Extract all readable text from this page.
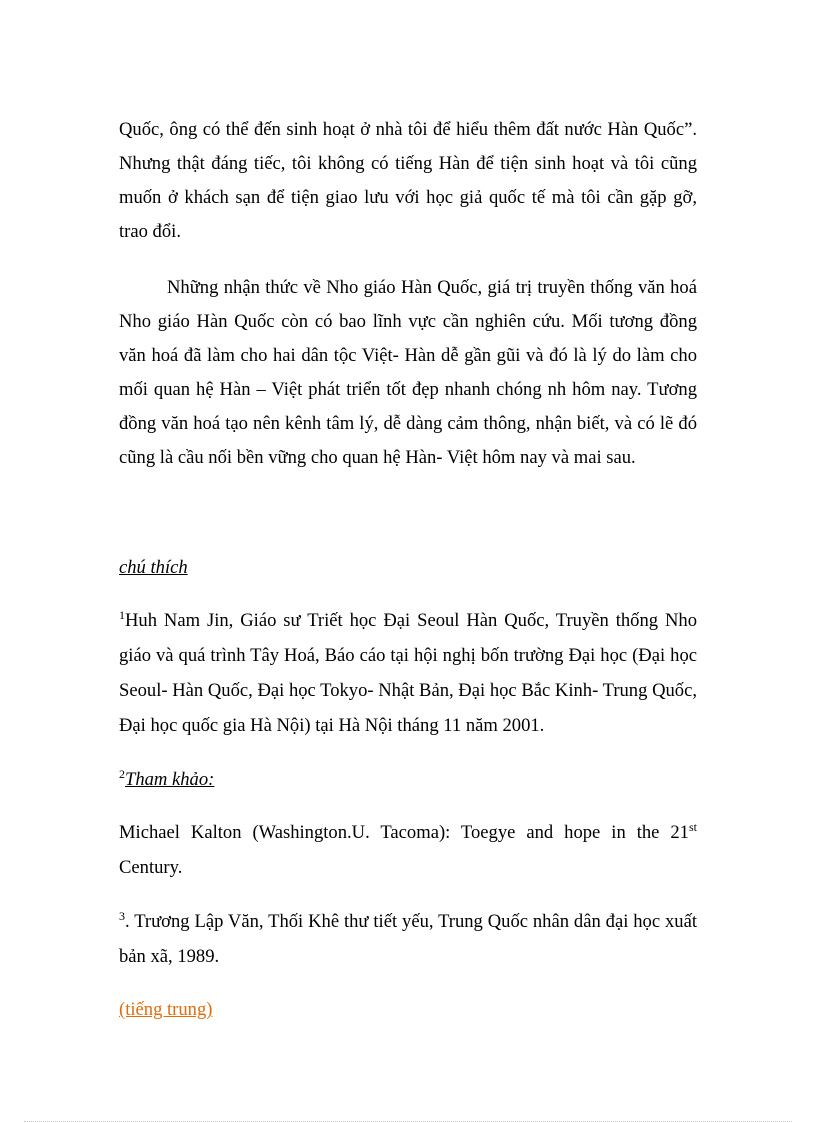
Quốc, ông có thể đến sinh hoạt ở nhà tôi để hiểu thêm đất nước Hàn Quốc”. Nhưng thật đáng tiếc, tôi không có tiếng Hàn để tiện sinh hoạt và tôi cũng muốn ở khách sạn để tiện giao lưu với học giả quốc tế mà tôi cần gặp gỡ, trao đổi.

Những nhận thức về Nho giáo Hàn Quốc, giá trị truyền thống văn hoá Nho giáo Hàn Quốc còn có bao lĩnh vực cần nghiên cứu. Mối tương đồng văn hoá đã làm cho hai dân tộc Việt- Hàn dễ gần gũi và đó là lý do làm cho mối quan hệ Hàn – Việt phát triển tốt đẹp nhanh chóng nh hôm nay. Tương đồng văn hoá tạo nên kênh tâm lý, dễ dàng cảm thông, nhận biết, và có lẽ đó cũng là cầu nối bền vững cho quan hệ Hàn- Việt hôm nay và mai sau.

chú thích

$^1$Huh Nam Jin, Giáo sư Triết học Đại Seoul Hàn Quốc, Truyền thống Nho giáo và quá trình Tây Hoá, Báo cáo tại hội nghị bốn trường Đại học (Đại học Seoul- Hàn Quốc, Đại học Tokyo- Nhật Bản, Đại học Bắc Kinh- Trung Quốc, Đại học quốc gia Hà Nội) tại Hà Nội tháng 11 năm 2001.

$^2$Tham khảo:

Michael Kalton (Washington.U. Tacoma): Toegye and hope in the 21st Century.

$^3$. Trương Lập Văn, Thối Khê thư tiết yếu, Trung Quốc nhân dân đại học xuất bản xã, 1989.

(tiếng trung)
